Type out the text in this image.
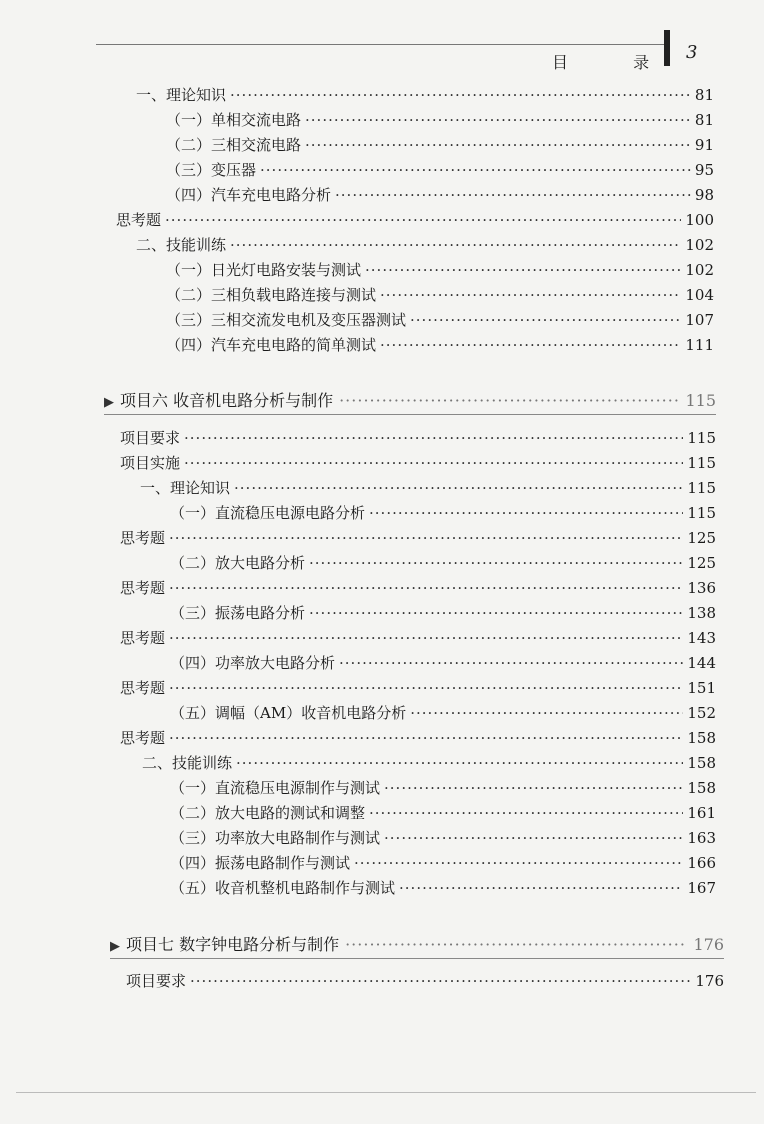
目 录 3
一、理论知识 ·····	81
（一）单相交流电路 ·····	81
（二）三相交流电路 ·····	91
（三）变压器 ·····	95
（四）汽车充电电路分析 ·····	98
思考题 ·····	100
二、技能训练 ·····	102
（一）日光灯电路安装与测试 ·····	102
（二）三相负载电路连接与测试 ·····	104
（三）三相交流发电机及变压器测试 ·····	107
（四）汽车充电电路的简单测试 ·····	111
▶ 项目六 收音机电路分析与制作 ·····	115
项目要求 ·····	115
项目实施 ·····	115
一、理论知识 ·····	115
（一）直流稳压电源电路分析 ·····	115
思考题 ·····	125
（二）放大电路分析 ·····	125
思考题 ·····	136
（三）振荡电路分析 ·····	138
思考题 ·····	143
（四）功率放大电路分析 ·····	144
思考题 ·····	151
（五）调幅（AM）收音机电路分析 ·····	152
思考题 ·····	158
二、技能训练 ·····	158
（一）直流稳压电源制作与测试 ·····	158
（二）放大电路的测试和调整 ·····	161
（三）功率放大电路制作与测试 ·····	163
（四）振荡电路制作与测试 ·····	166
（五）收音机整机电路制作与测试 ·····	167
▶ 项目七 数字钟电路分析与制作 ·····	176
项目要求 ·····	176
